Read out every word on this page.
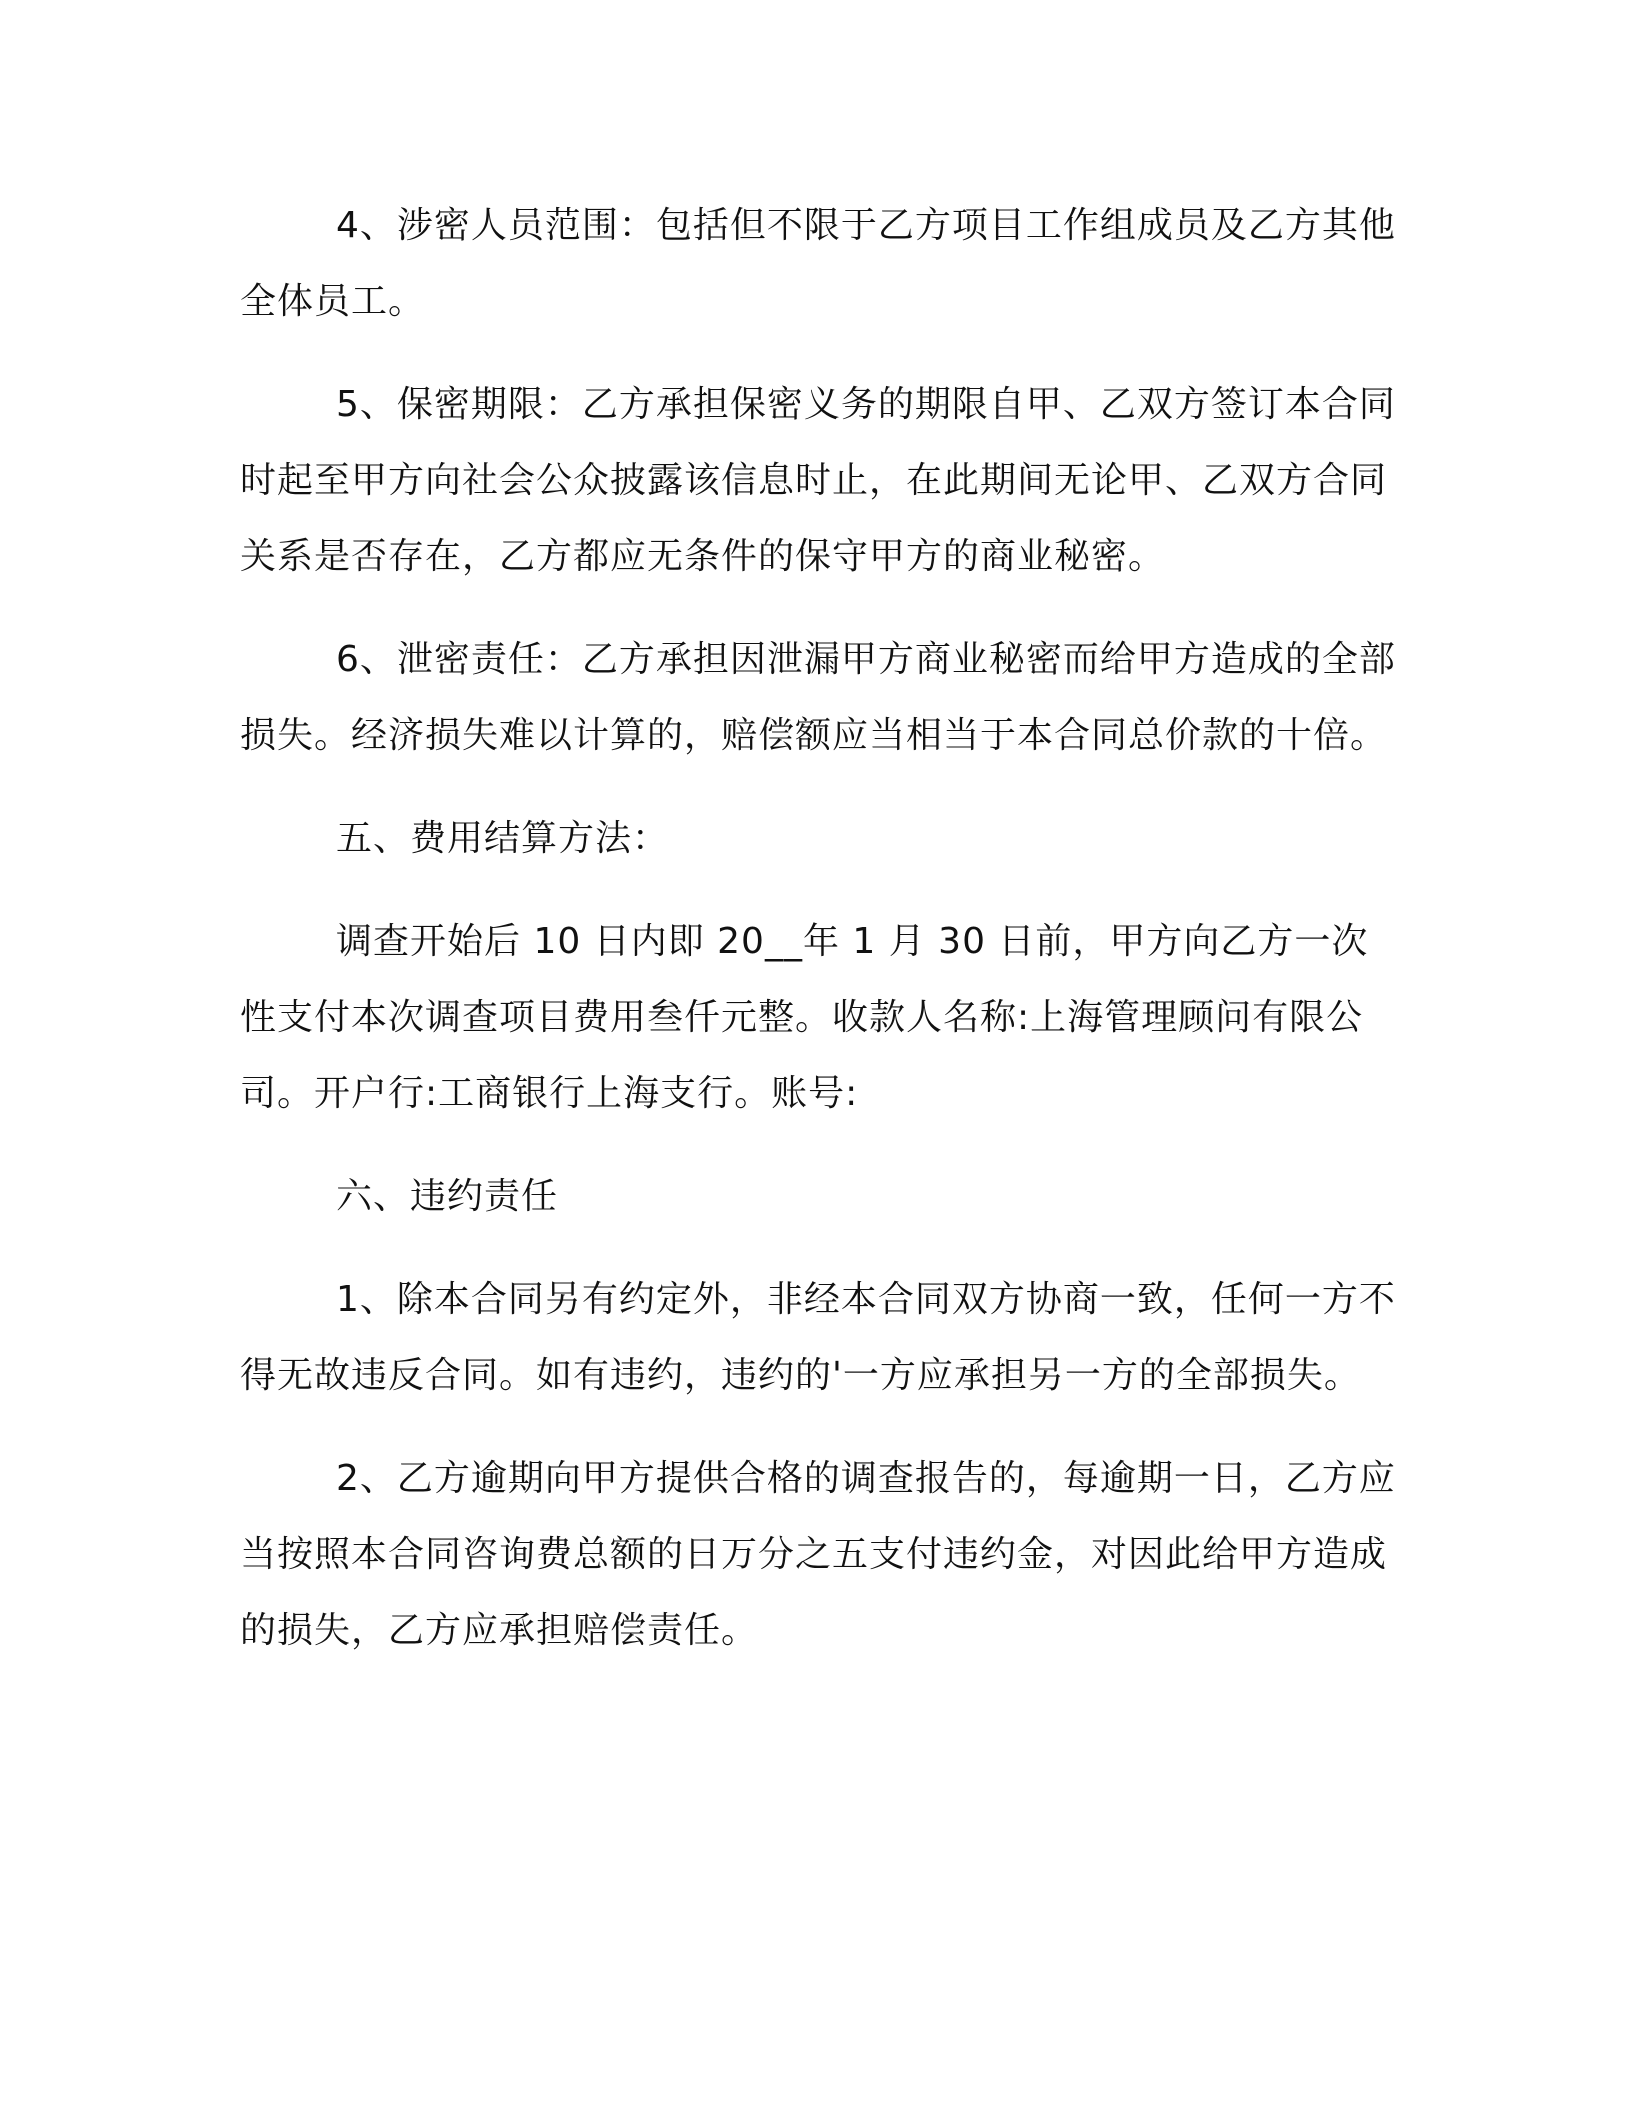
4、涉密人员范围：包括但不限于乙方项目工作组成员及乙方其他全体员工。

5、保密期限：乙方承担保密义务的期限自甲、乙双方签订本合同时起至甲方向社会公众披露该信息时止，在此期间无论甲、乙双方合同关系是否存在，乙方都应无条件的保守甲方的商业秘密。

6、泄密责任：乙方承担因泄漏甲方商业秘密而给甲方造成的全部损失。经济损失难以计算的，赔偿额应当相当于本合同总价款的十倍。

五、费用结算方法：

调查开始后 10 日内即 20__年 1 月 30 日前，甲方向乙方一次性支付本次调查项目费用叁仟元整。收款人名称:上海管理顾问有限公司。开户行:工商银行上海支行。账号:

六、违约责任

1、除本合同另有约定外，非经本合同双方协商一致，任何一方不得无故违反合同。如有违约，违约的'一方应承担另一方的全部损失。

2、乙方逾期向甲方提供合格的调查报告的，每逾期一日，乙方应当按照本合同咨询费总额的日万分之五支付违约金，对因此给甲方造成的损失，乙方应承担赔偿责任。
